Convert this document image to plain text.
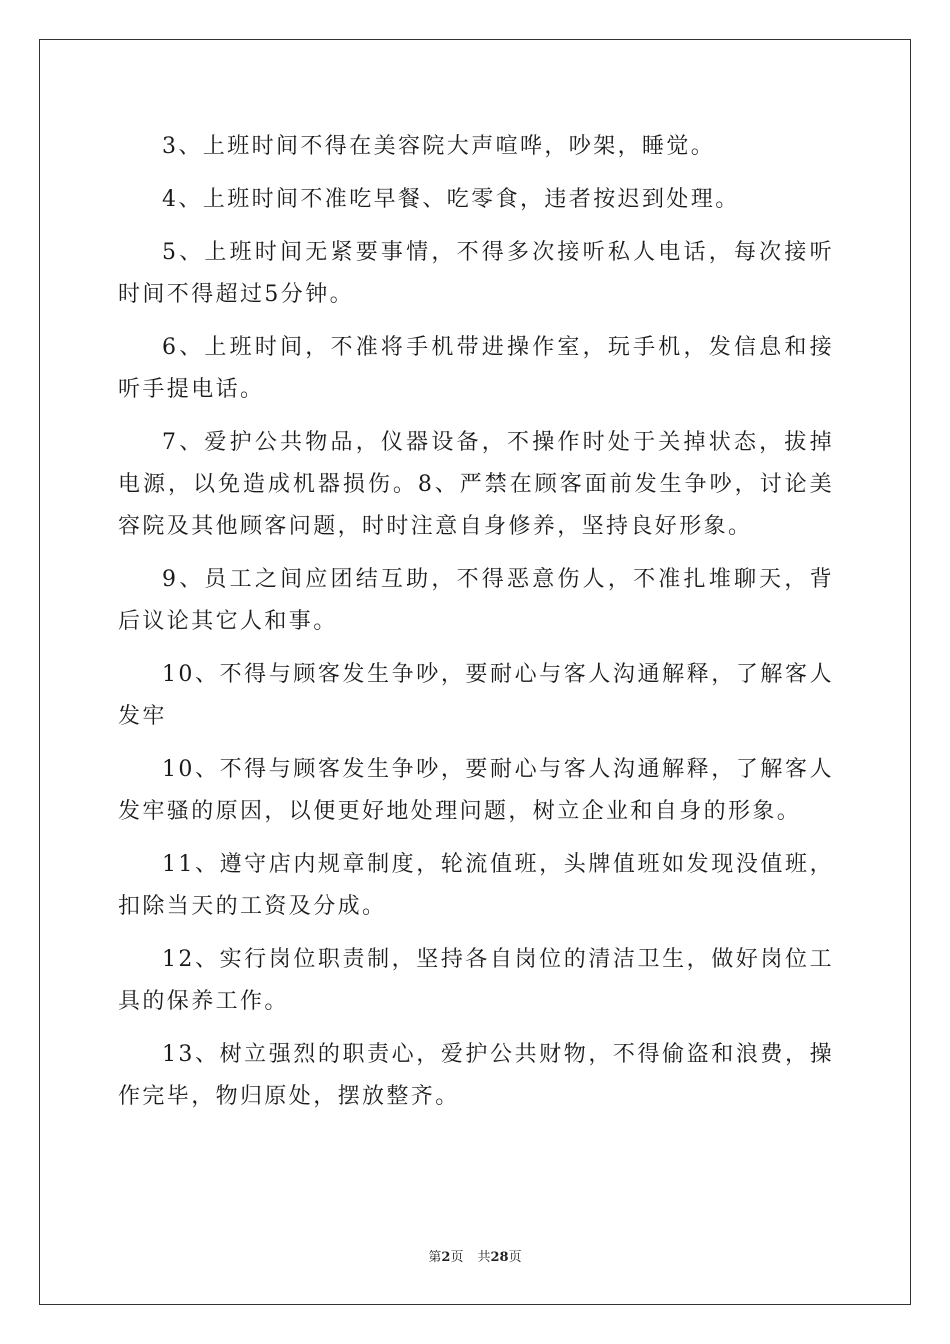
3、上班时间不得在美容院大声喧哗，吵架，睡觉。

4、上班时间不准吃早餐、吃零食，违者按迟到处理。

5、上班时间无紧要事情，不得多次接听私人电话，每次接听时间不得超过5分钟。

6、上班时间，不准将手机带进操作室，玩手机，发信息和接听手提电话。

7、爱护公共物品，仪器设备，不操作时处于关掉状态，拔掉电源，以免造成机器损伤。8、严禁在顾客面前发生争吵，讨论美容院及其他顾客问题，时时注意自身修养，坚持良好形象。

9、员工之间应团结互助，不得恶意伤人，不准扎堆聊天，背后议论其它人和事。

10、不得与顾客发生争吵，要耐心与客人沟通解释，了解客人发牢

10、不得与顾客发生争吵，要耐心与客人沟通解释，了解客人发牢骚的原因，以便更好地处理问题，树立企业和自身的形象。

11、遵守店内规章制度，轮流值班，头牌值班如发现没值班，扣除当天的工资及分成。

12、实行岗位职责制，坚持各自岗位的清洁卫生，做好岗位工具的保养工作。

13、树立强烈的职责心，爱护公共财物，不得偷盗和浪费，操作完毕，物归原处，摆放整齐。

第2页 共28页
